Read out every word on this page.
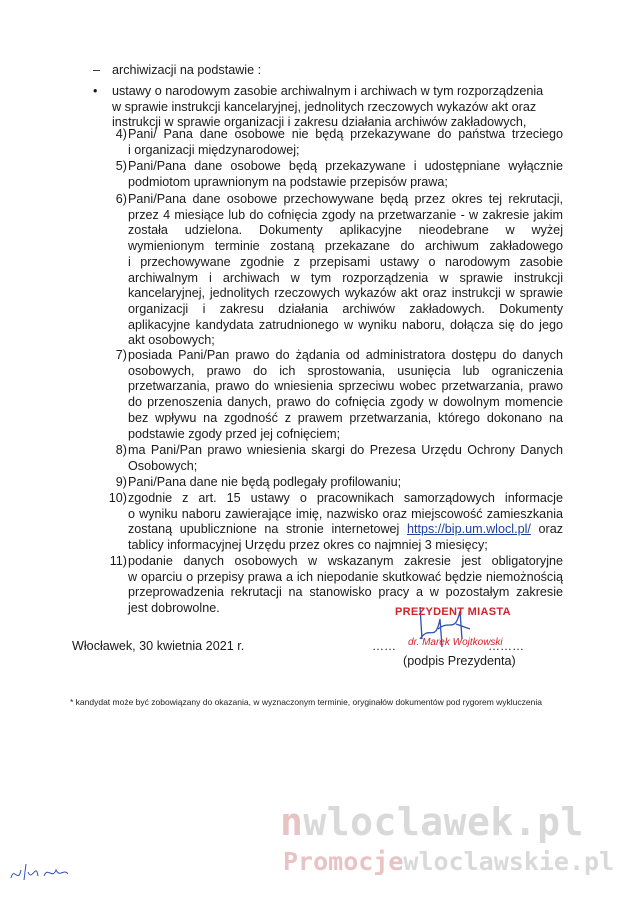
– archiwizacji na podstawie :
• ustawy o narodowym zasobie archiwalnym i archiwach w tym rozporządzenia
w sprawie instrukcji kancelaryjnej, jednolitych rzeczowych wykazów akt oraz
instrukcji w sprawie organizacji i zakresu działania archiwów zakładowych,
4) Pani/ Pana dane osobowe nie będą przekazywane do państwa trzeciego
i organizacji międzynarodowej;
5) Pani/Pana dane osobowe będą przekazywane i udostępniane wyłącznie
podmiotom uprawnionym na podstawie przepisów prawa;
6) Pani/Pana dane osobowe przechowywane będą przez okres tej rekrutacji,
przez 4 miesiące lub do cofnięcia zgody na przetwarzanie - w zakresie jakim
została udzielona. Dokumenty aplikacyjne nieodebrane w wyżej
wymienionym terminie zostaną przekazane do archiwum zakładowego
i przechowywane zgodnie z przepisami ustawy o narodowym zasobie
archiwalnym i archiwach w tym rozporządzenia w sprawie instrukcji
kancelaryjnej, jednolitych rzeczowych wykazów akt oraz instrukcji w sprawie
organizacji i zakresu działania archiwów zakładowych. Dokumenty
aplikacyjne kandydata zatrudnionego w wyniku naboru, dołącza się do jego
akt osobowych;
7) posiada Pani/Pan prawo do żądania od administratora dostępu do danych
osobowych, prawo do ich sprostowania, usunięcia lub ograniczenia
przetwarzania, prawo do wniesienia sprzeciwu wobec przetwarzania, prawo
do przenoszenia danych, prawo do cofnięcia zgody w dowolnym momencie
bez wpływu na zgodność z prawem przetwarzania, którego dokonano na
podstawie zgody przed jej cofnięciem;
8) ma Pani/Pan prawo wniesienia skargi do Prezesa Urzędu Ochrony Danych
Osobowych;
9) Pani/Pana dane nie będą podlegały profilowaniu;
10) zgodnie z art. 15 ustawy o pracownikach samorządowych informacje
o wyniku naboru zawierające imię, nazwisko oraz miejscowość zamieszkania
zostaną upublicznione na stronie internetowej https://bip.um.wlocl.pl/ oraz
tablicy informacyjnej Urzędu przez okres co najmniej 3 miesięcy;
11) podanie danych osobowych w wskazanym zakresie jest obligatoryjne
w oparciu o przepisy prawa a ich niepodanie skutkować będzie niemożnością
przeprowadzenia rekrutacji na stanowisko pracy a w pozostałym zakresie
jest dobrowolne.
Włocławek, 30 kwietnia 2021 r.
PREZYDENT MIASTA
……	………
dr. Marek Wojtkowski
(podpis Prezydenta)
* kandydat może być zobowiązany do okazania, w wyznaczonym terminie, oryginałów dokumentów pod rygorem wykluczenia
nwloclawek.pl
Promocjewloclawskie.pl
